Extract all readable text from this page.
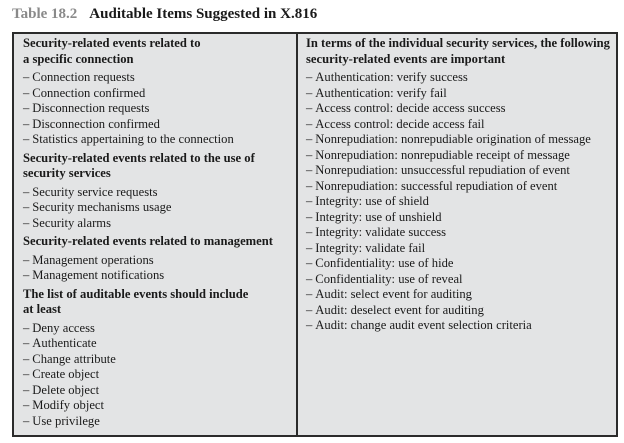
Table 18.2 Auditable Items Suggested in X.816
Security-related events related to
a specific connection
– Connection requests
– Connection confirmed
– Disconnection requests
– Disconnection confirmed
– Statistics appertaining to the connection
Security-related events related to the use of
security services
– Security service requests
– Security mechanisms usage
– Security alarms
Security-related events related to management
– Management operations
– Management notifications
The list of auditable events should include
at least
– Deny access
– Authenticate
– Change attribute
– Create object
– Delete object
– Modify object
– Use privilege
In terms of the individual security services, the following
security-related events are important
– Authentication: verify success
– Authentication: verify fail
– Access control: decide access success
– Access control: decide access fail
– Nonrepudiation: nonrepudiable origination of message
– Nonrepudiation: nonrepudiable receipt of message
– Nonrepudiation: unsuccessful repudiation of event
– Nonrepudiation: successful repudiation of event
– Integrity: use of shield
– Integrity: use of unshield
– Integrity: validate success
– Integrity: validate fail
– Confidentiality: use of hide
– Confidentiality: use of reveal
– Audit: select event for auditing
– Audit: deselect event for auditing
– Audit: change audit event selection criteria
